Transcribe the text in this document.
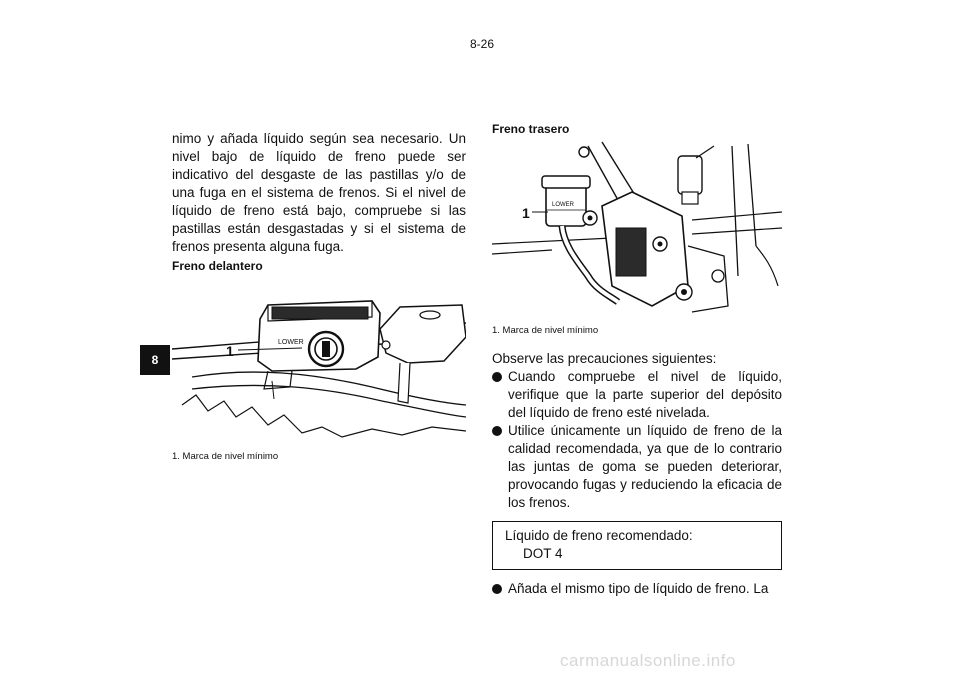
8-26
8

nimo y añada líquido según sea necesario. Un nivel bajo de líquido de freno puede ser indicativo del desgaste de las pastillas y/o de una fuga en el sistema de frenos. Si el nivel de líquido de freno está bajo, compruebe si las pastillas están desgastadas y si el sistema de frenos presenta alguna fuga.

Freno delantero
LOWER
1
1. Marca de nivel mínimo
Freno trasero
LOWER
1
1. Marca de nivel mínimo
Observe las precauciones siguientes:
Cuando compruebe el nivel de líquido, verifique que la parte superior del depósito del líquido de freno esté nivelada.
Utilice únicamente un líquido de freno de la calidad recomendada, ya que de lo contrario las juntas de goma se pueden deteriorar, provocando fugas y reduciendo la eficacia de los frenos.
Líquido de freno recomendado:
DOT 4
Añada el mismo tipo de líquido de freno. La
carmanualsonline.info
